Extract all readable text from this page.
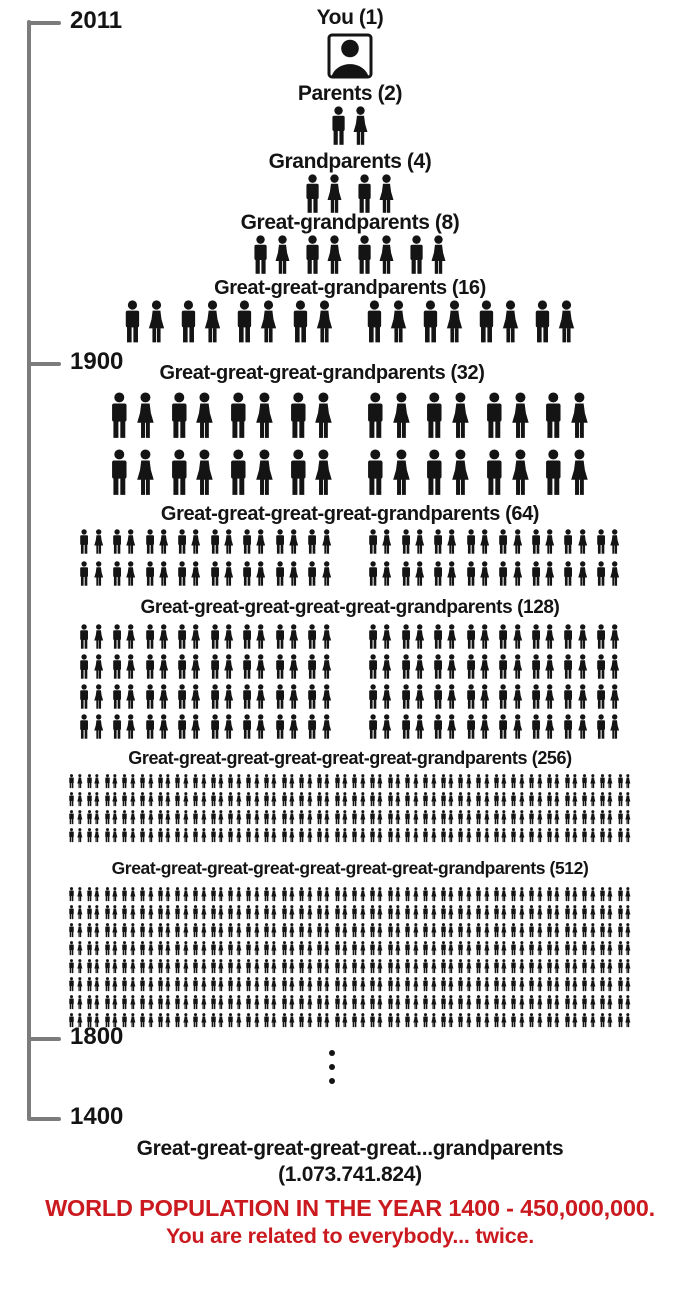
2011
1900
1800
1400
You (1)
Parents (2)
Grandparents (4)
Great-grandparents (8)
Great-great-grandparents (16)
Great-great-great-grandparents (32)
Great-great-great-great-grandparents (64)
Great-great-great-great-great-grandparents (128)
Great-great-great-great-great-great-grandparents (256)
Great-great-great-great-great-great-great-grandparents (512)
Great-great-great-great-great...grandparents
(1.073.741.824)
WORLD POPULATION IN THE YEAR 1400 - 450,000,000.
You are related to everybody... twice.
